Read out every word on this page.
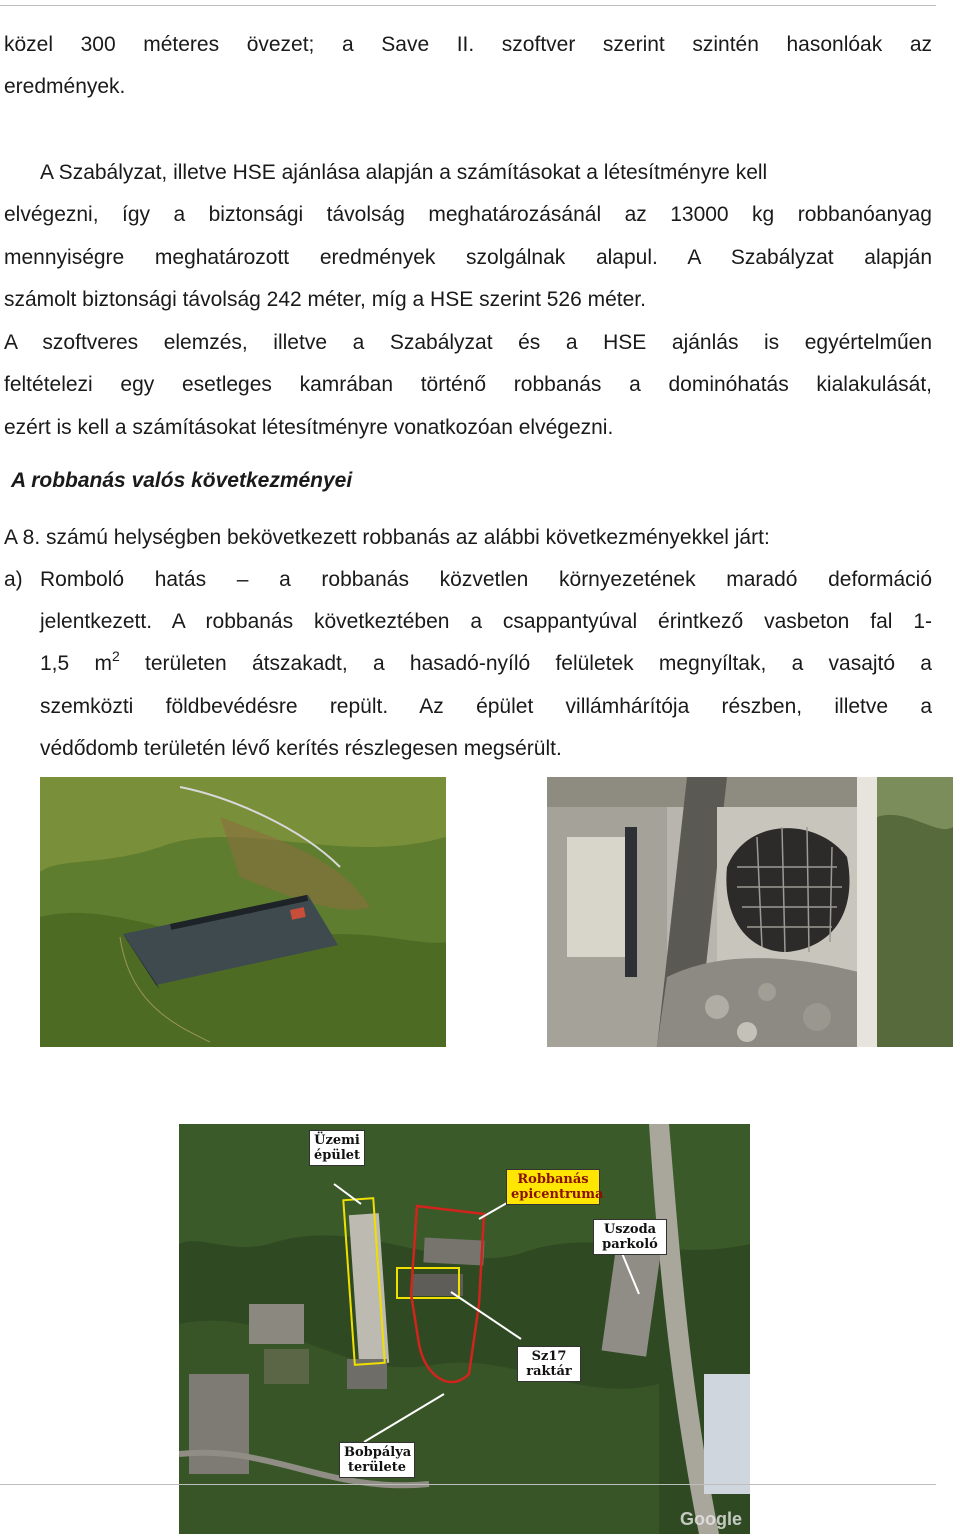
közel 300 méteres övezet; a Save II. szoftver szerint szintén hasonlóak az
eredmények.
A Szabályzat, illetve HSE ajánlása alapján a számításokat a létesítményre kell
elvégezni, így a biztonsági távolság meghatározásánál az 13000 kg robbanóanyag
mennyiségre meghatározott eredmények szolgálnak alapul. A Szabályzat alapján
számolt biztonsági távolság 242 méter, míg a HSE szerint 526 méter.
A szoftveres elemzés, illetve a Szabályzat és a HSE ajánlás is egyértelműen
feltételezi egy esetleges kamrában történő robbanás a dominóhatás kialakulását,
ezért is kell a számításokat létesítményre vonatkozóan elvégezni.
A robbanás valós következményei
A 8. számú helységben bekövetkezett robbanás az alábbi következményekkel járt:
a) Romboló hatás – a robbanás közvetlen környezetének maradó deformáció
jelentkezett. A robbanás következtében a csappantyúval érintkező vasbeton fal 1-
1,5 $m^2$ területen átszakadt, a hasadó-nyíló felületek megnyíltak, a vasajtó a
szemközti földbevédésre repült. Az épület villámhárítója részben, illetve a
védődomb területén lévő kerítés részlegesen megsérült.
Üzemi épület
Robbanás epicentruma
Uszoda parkoló
Sz17 raktár
Bobpálya területe
Google
